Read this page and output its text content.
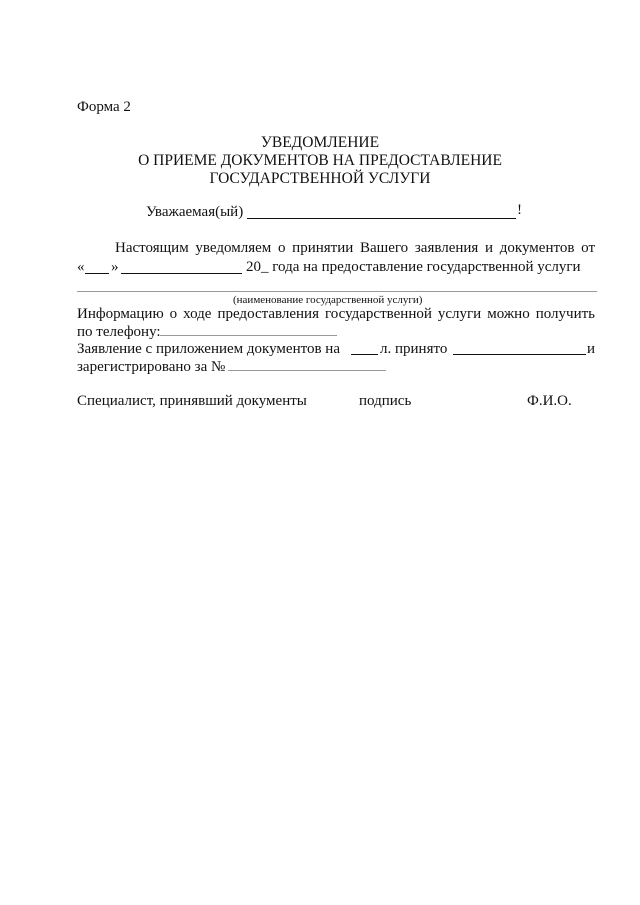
Форма 2
УВЕДОМЛЕНИЕ
О ПРИЕМЕ ДОКУМЕНТОВ НА ПРЕДОСТАВЛЕНИЕ
ГОСУДАРСТВЕННОЙ УСЛУГИ
Уважаемая(ый)	!
Настоящим уведомляем о принятии Вашего заявления и документов от
« »	20_ года на предоставление государственной услуги
(наименование государственной услуги)
Информацию о ходе предоставления государственной услуги можно получить
по телефону:
Заявление с приложением документов на	л. принято	и
зарегистрировано за №
Специалист, принявший документы	подпись	Ф.И.О.
